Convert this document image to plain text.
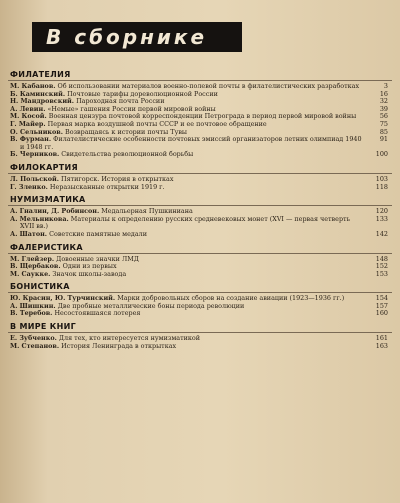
В сборнике
ФИЛАТЕЛИЯ
М. Кабанов. Об использовании материалов военно-полевой почты в филателистических разработках	3
Б. Каминский. Почтовые тарифы дореволюционной России	16
Н. Мандровский. Пароходная почта России	32
А. Левин. «Немые» гашения России первой мировой войны	39
М. Косой. Военная цензура почтовой корреспонденции Петрограда в период первой мировой войны	56
Г. Майер. Первая марка воздушной почты СССР и ее почтовое обращение	75
О. Сельников. Возвращаясь к истории почты Тувы	85
В. Фурман. Филателистические особенности почтовых эмиссий организаторов летних олимпиад 1940 и 1948 гг.
91
Б. Черников. Свидетельства революционной борьбы	100
ФИЛОКАРТИЯ
Л. Польской. Пятигорск. История в открытках	103
Г. Зленко. Неразысканные открытки 1919 г.	118
НУМИЗМАТИКА
А. Гналин, Д. Робинсон. Медальерная Пушкиниана	120
А. Мельникова. Материалы к определению русских средневековых монет (XVI — первая четверть XVII вв.)
133
А. Шатон. Советские памятные медали	142
ФАЛЕРИСТИКА
М. Глейзер. Довоенные значки ЛМД	148
В. Щербаков. Одни из первых	152
М. Саукке. Значок школы-завода	153
БОНИСТИКА
Ю. Красин, Ю. Турчинский. Марки добровольных сборов на создание авиации (1923—1936 гг.)	154
А. Шишкин. Две пробные металлические боны периода революции	157
В. Теребов. Несостоявшаяся лотерея	160
В МИРЕ КНИГ
Е. Зубченко. Для тех, кто интересуется нумизматикой	161
М. Степанов. История Ленинграда в открытках	163
